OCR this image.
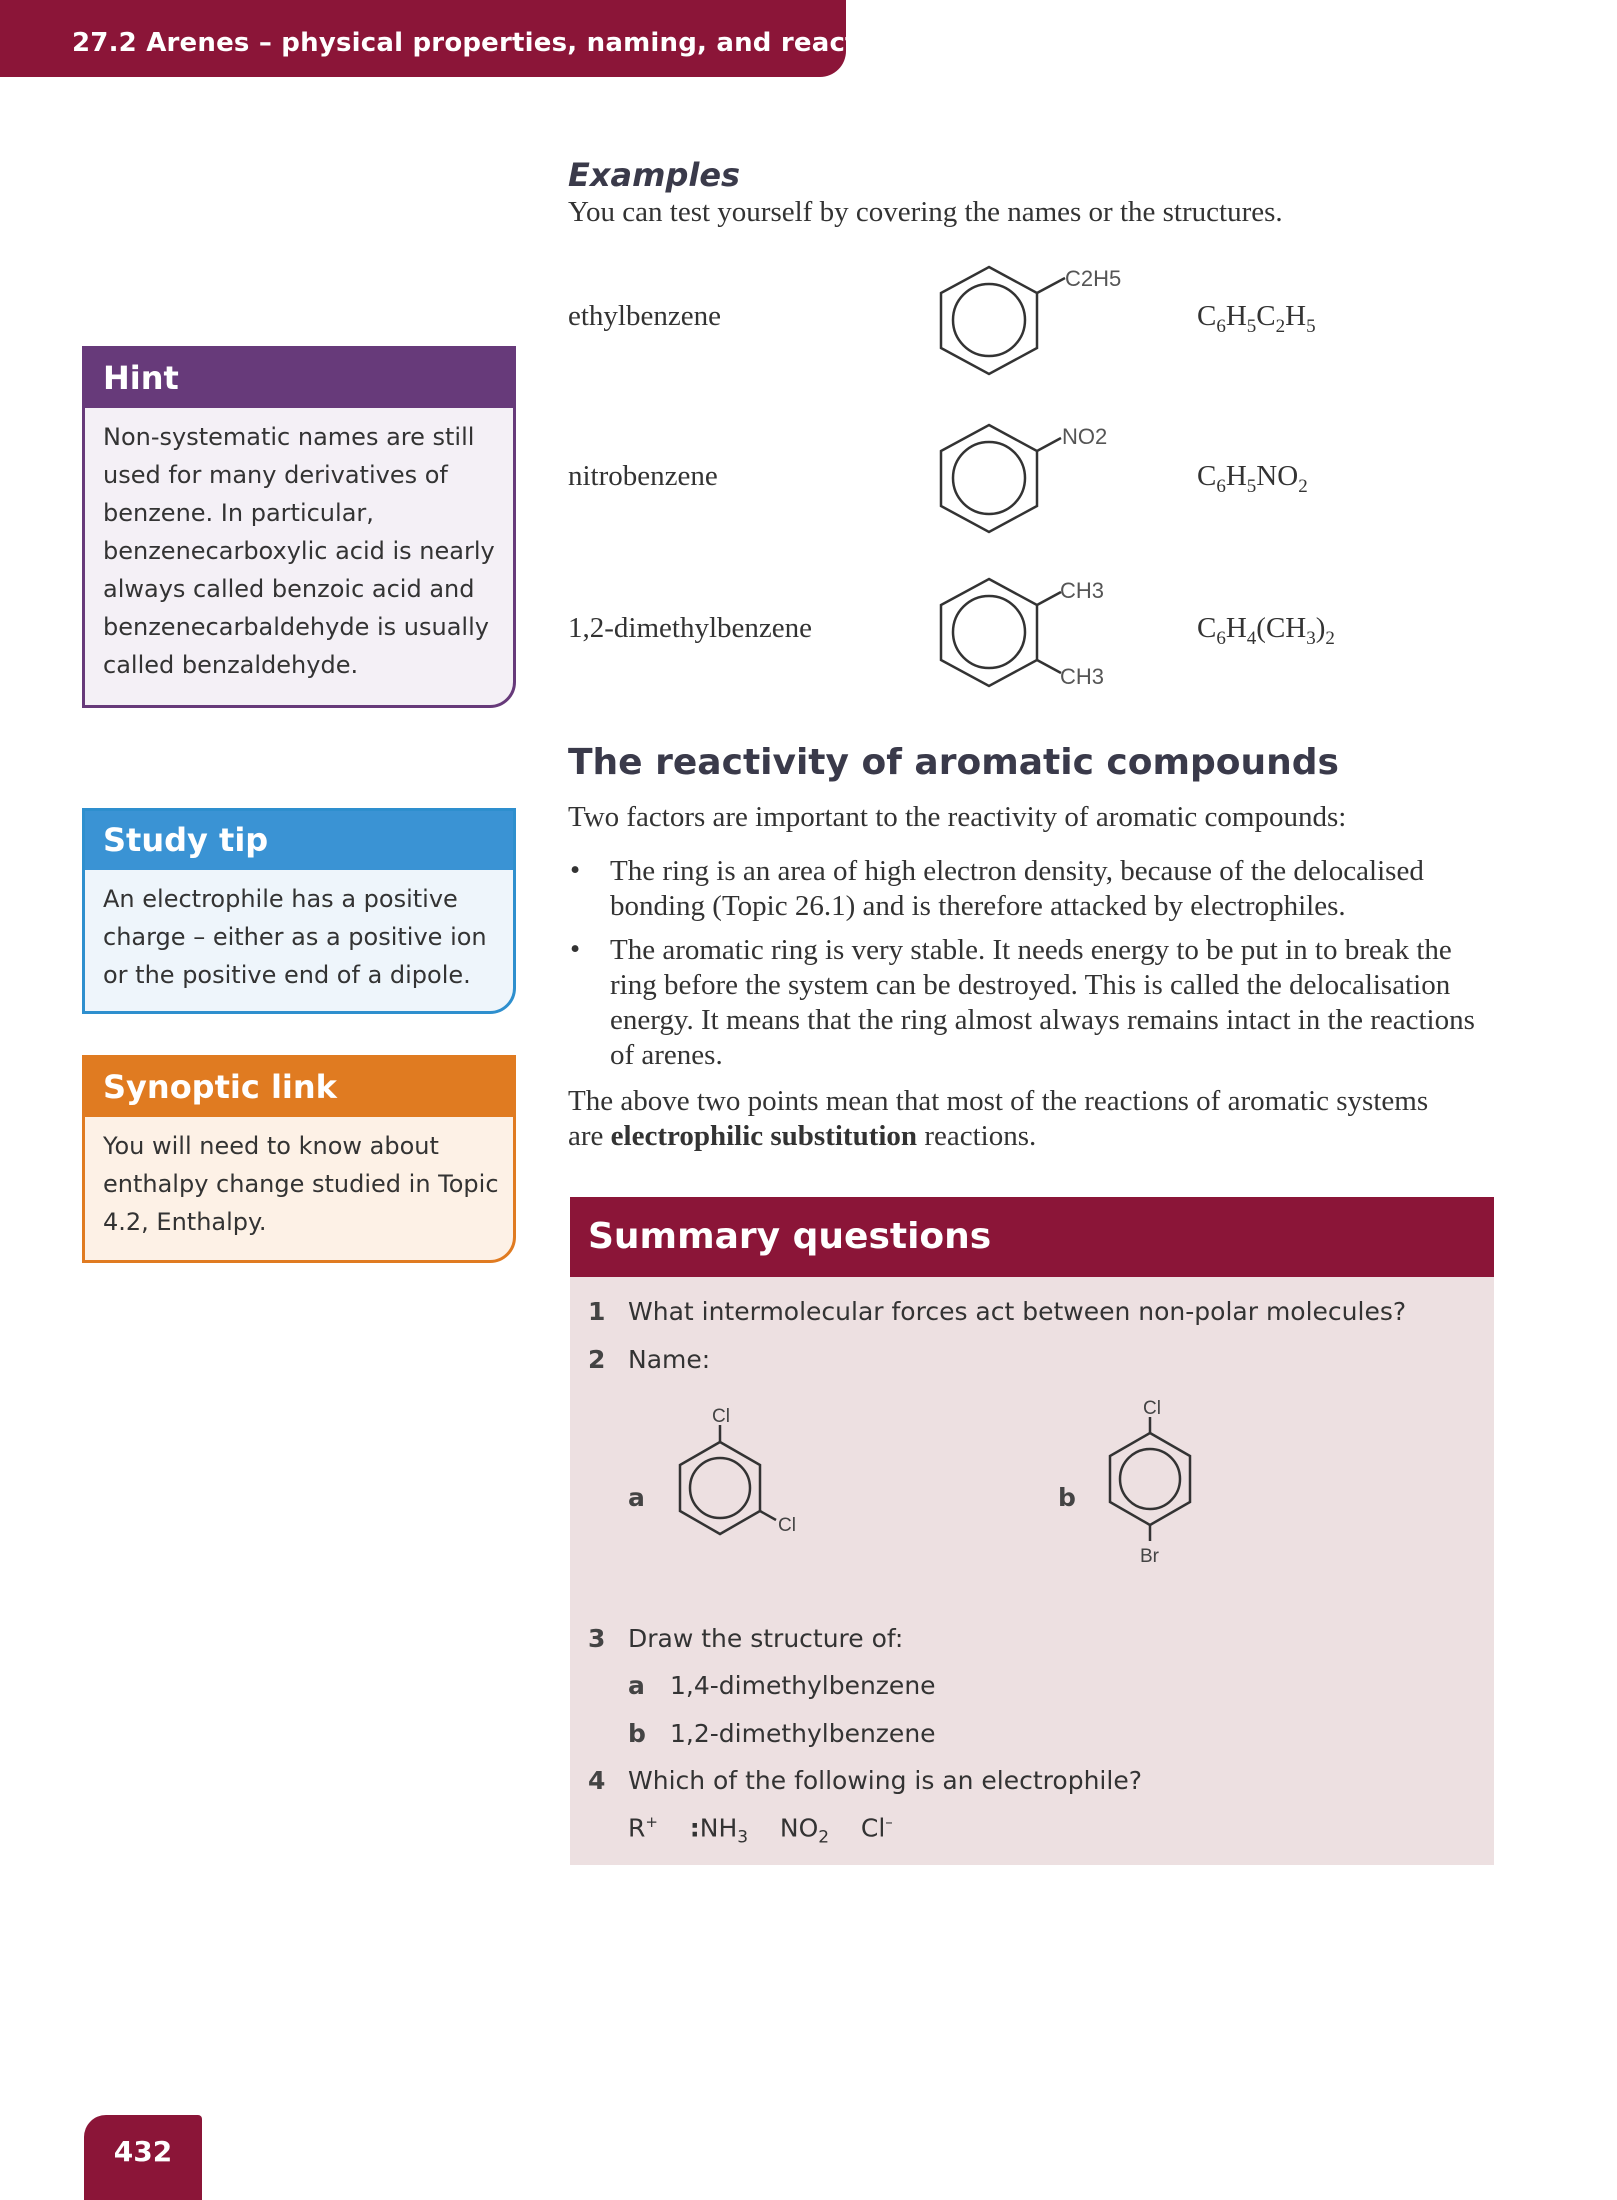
27.2 Arenes – physical properties, naming, and reactivity
Examples
You can test yourself by covering the names or the structures.
ethylbenzene
C2H5
$C_6H_5C_2H_5$
nitrobenzene
NO2
$C_6H_5NO_2$
1,2-dimethylbenzene
CH3
CH3
$C_6H_4(CH_3)_2$
Hint
Non-systematic names are still used for many derivatives of benzene. In particular, benzenecarboxylic acid is nearly always called benzoic acid and benzenecarbaldehyde is usually called benzaldehyde.
Study tip
An electrophile has a positive charge – either as a positive ion or the positive end of a dipole.
Synoptic link
You will need to know about enthalpy change studied in Topic 4.2, Enthalpy.
The reactivity of aromatic compounds
Two factors are important to the reactivity of aromatic compounds:
• The ring is an area of high electron density, because of the delocalised bonding (Topic 26.1) and is therefore attacked by electrophiles.
• The aromatic ring is very stable. It needs energy to be put in to break the ring before the system can be destroyed. This is called the delocalisation energy. It means that the ring almost always remains intact in the reactions of arenes.
The above two points mean that most of the reactions of aromatic systems are electrophilic substitution reactions.
Summary questions
1 What intermolecular forces act between non-polar molecules?
2 Name:
a
Cl
Cl
b
Cl
Br
3 Draw the structure of:
a 1,4-dimethylbenzene
b 1,2-dimethylbenzene
4 Which of the following is an electrophile?
R+ $:NH_3$    $NO_2$    Cl–
432
